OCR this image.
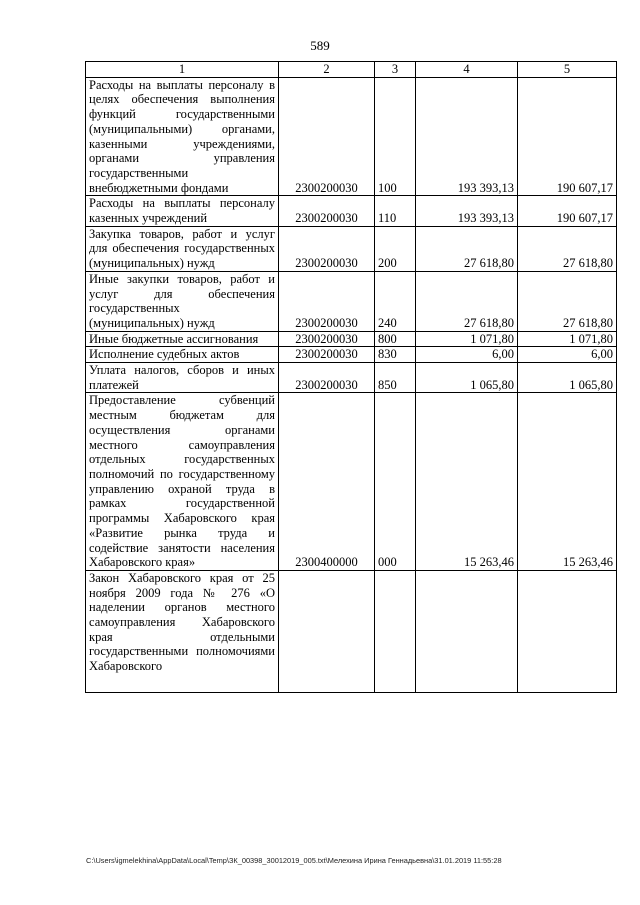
589
1	2	3	4	5
Расходы на выплаты персоналу в целях обеспечения выполнения функций государственными (муниципальными) органами, казенными учреждениями, органами управления государственными внебюджетными фондами	2300200030	100	193 393,13	190 607,17
Расходы на выплаты персоналу казенных учреждений	2300200030	110	193 393,13	190 607,17
Закупка товаров, работ и услуг для обеспечения государственных (муниципальных) нужд	2300200030	200	27 618,80	27 618,80
Иные закупки товаров, работ и услуг для обеспечения государственных (муниципальных) нужд	2300200030	240	27 618,80	27 618,80
Иные бюджетные ассигнования	2300200030	800	1 071,80	1 071,80
Исполнение судебных актов	2300200030	830	6,00	6,00
Уплата налогов, сборов и иных платежей	2300200030	850	1 065,80	1 065,80
Предоставление субвенций местным бюджетам для осуществления органами местного самоуправления отдельных государственных полномочий по государственному управлению охраной труда в рамках государственной программы Хабаровского края «Развитие рынка труда и содействие занятости населения Хабаровского края»	2300400000	000	15 263,46	15 263,46
Закон Хабаровского края от 25 ноября 2009 года № 276 «О наделении органов местного самоуправления Хабаровского края отдельными государственными полномочиями Хабаровского				
C:\Users\igmelekhina\AppData\Local\Temp\ЗК_00398_30012019_005.txt\Мелехина Ирина Геннадьевна\31.01.2019 11:55:28
